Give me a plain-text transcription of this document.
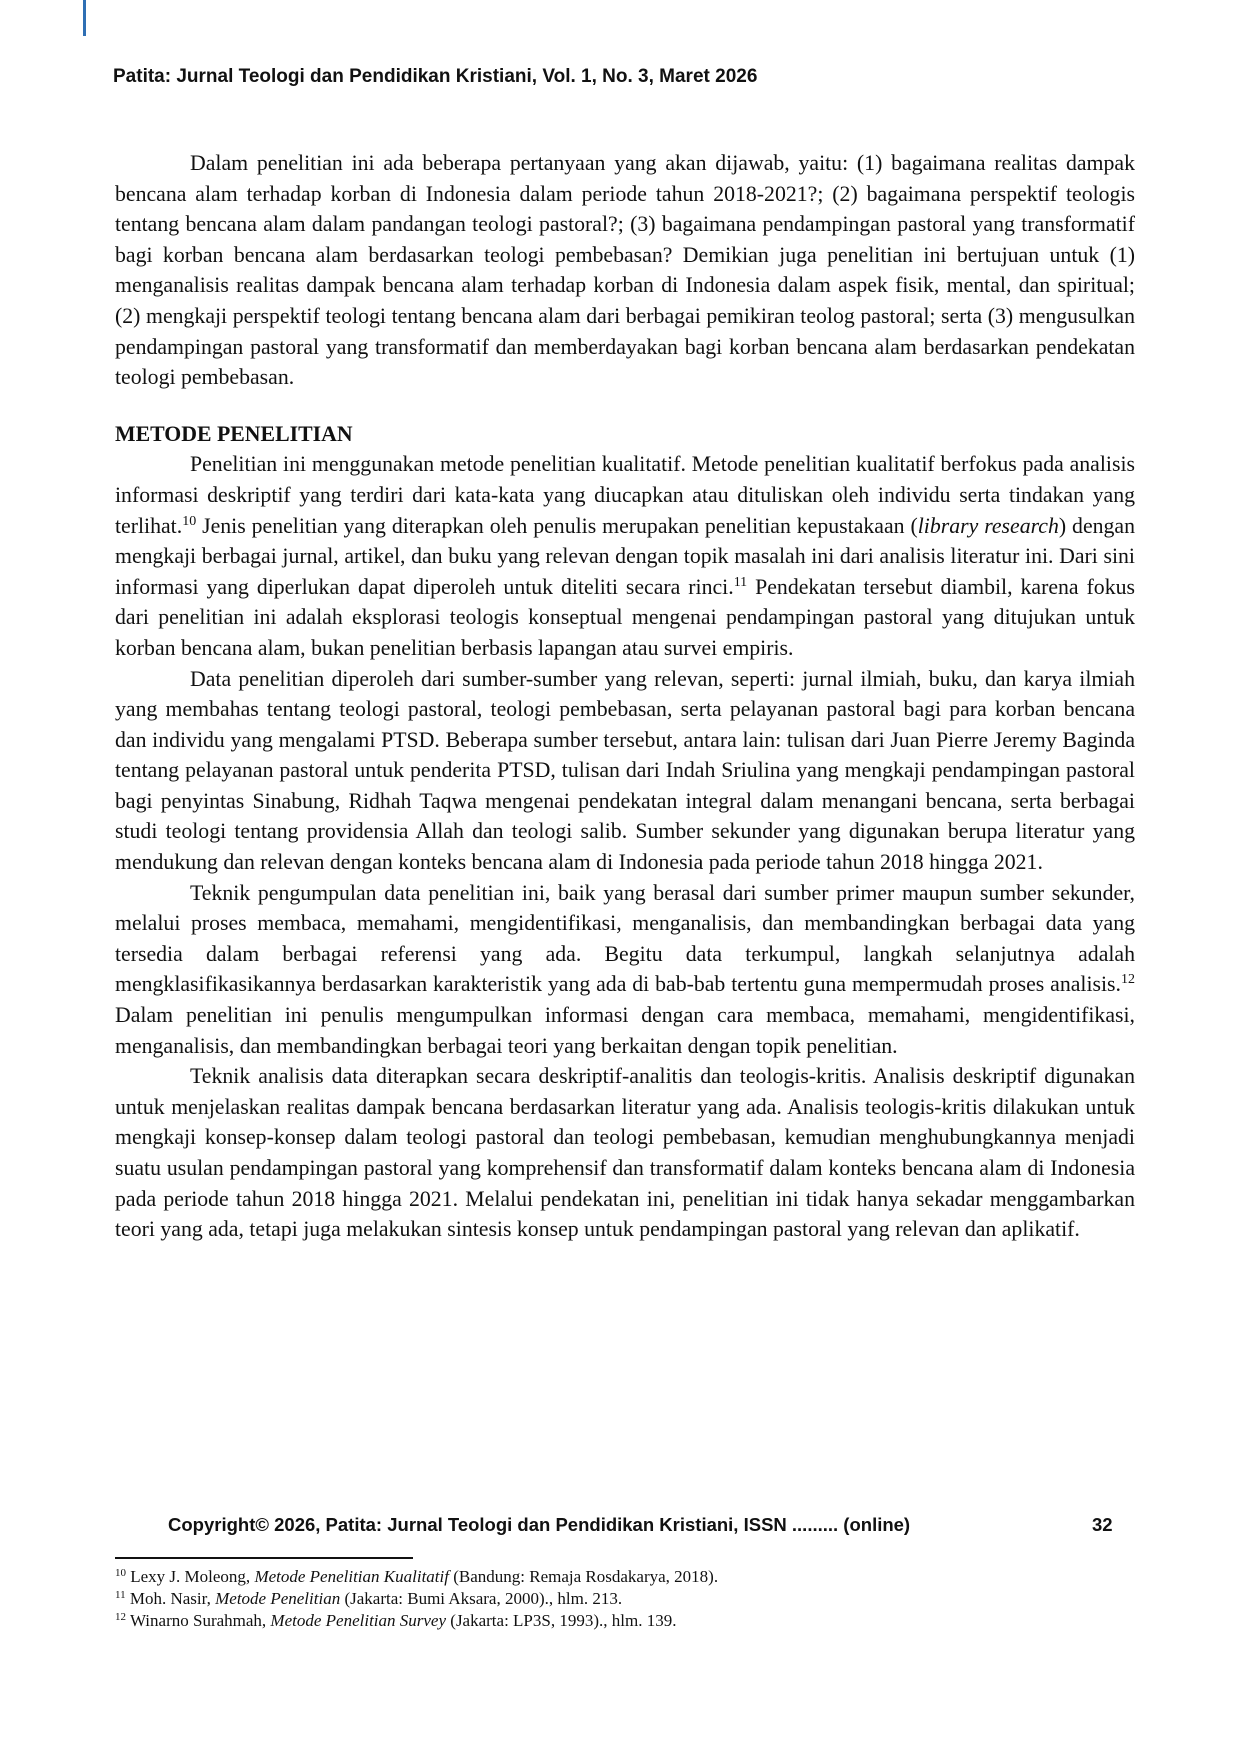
Patita: Jurnal Teologi dan Pendidikan Kristiani, Vol. 1, No. 3, Maret 2026

Dalam penelitian ini ada beberapa pertanyaan yang akan dijawab, yaitu: (1) bagaimana realitas dampak bencana alam terhadap korban di Indonesia dalam periode tahun 2018-2021?; (2) bagaimana perspektif teologis tentang bencana alam dalam pandangan teologi pastoral?; (3) bagaimana pendampingan pastoral yang transformatif bagi korban bencana alam berdasarkan teologi pembebasan? Demikian juga penelitian ini bertujuan untuk (1) menganalisis realitas dampak bencana alam terhadap korban di Indonesia dalam aspek fisik, mental, dan spiritual; (2) mengkaji perspektif teologi tentang bencana alam dari berbagai pemikiran teolog pastoral; serta (3) mengusulkan pendampingan pastoral yang transformatif dan memberdayakan bagi korban bencana alam berdasarkan pendekatan teologi pembebasan.

METODE PENELITIAN

Penelitian ini menggunakan metode penelitian kualitatif. Metode penelitian kualitatif berfokus pada analisis informasi deskriptif yang terdiri dari kata-kata yang diucapkan atau dituliskan oleh individu serta tindakan yang terlihat.$^{10}$ Jenis penelitian yang diterapkan oleh penulis merupakan penelitian kepustakaan (library research) dengan mengkaji berbagai jurnal, artikel, dan buku yang relevan dengan topik masalah ini dari analisis literatur ini. Dari sini informasi yang diperlukan dapat diperoleh untuk diteliti secara rinci.$^{11}$ Pendekatan tersebut diambil, karena fokus dari penelitian ini adalah eksplorasi teologis konseptual mengenai pendampingan pastoral yang ditujukan untuk korban bencana alam, bukan penelitian berbasis lapangan atau survei empiris.

Data penelitian diperoleh dari sumber-sumber yang relevan, seperti: jurnal ilmiah, buku, dan karya ilmiah yang membahas tentang teologi pastoral, teologi pembebasan, serta pelayanan pastoral bagi para korban bencana dan individu yang mengalami PTSD. Beberapa sumber tersebut, antara lain: tulisan dari Juan Pierre Jeremy Baginda tentang pelayanan pastoral untuk penderita PTSD, tulisan dari Indah Sriulina yang mengkaji pendampingan pastoral bagi penyintas Sinabung, Ridhah Taqwa mengenai pendekatan integral dalam menangani bencana, serta berbagai studi teologi tentang providensia Allah dan teologi salib. Sumber sekunder yang digunakan berupa literatur yang mendukung dan relevan dengan konteks bencana alam di Indonesia pada periode tahun 2018 hingga 2021.

Teknik pengumpulan data penelitian ini, baik yang berasal dari sumber primer maupun sumber sekunder, melalui proses membaca, memahami, mengidentifikasi, menganalisis, dan membandingkan berbagai data yang tersedia dalam berbagai referensi yang ada. Begitu data terkumpul, langkah selanjutnya adalah mengklasifikasikannya berdasarkan karakteristik yang ada di bab-bab tertentu guna mempermudah proses analisis.$^{12}$ Dalam penelitian ini penulis mengumpulkan informasi dengan cara membaca, memahami, mengidentifikasi, menganalisis, dan membandingkan berbagai teori yang berkaitan dengan topik penelitian.

Teknik analisis data diterapkan secara deskriptif-analitis dan teologis-kritis. Analisis deskriptif digunakan untuk menjelaskan realitas dampak bencana berdasarkan literatur yang ada. Analisis teologis-kritis dilakukan untuk mengkaji konsep-konsep dalam teologi pastoral dan teologi pembebasan, kemudian menghubungkannya menjadi suatu usulan pendampingan pastoral yang komprehensif dan transformatif dalam konteks bencana alam di Indonesia pada periode tahun 2018 hingga 2021. Melalui pendekatan ini, penelitian ini tidak hanya sekadar menggambarkan teori yang ada, tetapi juga melakukan sintesis konsep untuk pendampingan pastoral yang relevan dan aplikatif.

Copyright© 2026, Patita: Jurnal Teologi dan Pendidikan Kristiani, ISSN ......... (online)	32
$^{10}$ Lexy J. Moleong, Metode Penelitian Kualitatif (Bandung: Remaja Rosdakarya, 2018).
$^{11}$ Moh. Nasir, Metode Penelitian (Jakarta: Bumi Aksara, 2000)., hlm. 213.
$^{12}$ Winarno Surahmah, Metode Penelitian Survey (Jakarta: LP3S, 1993)., hlm. 139.
